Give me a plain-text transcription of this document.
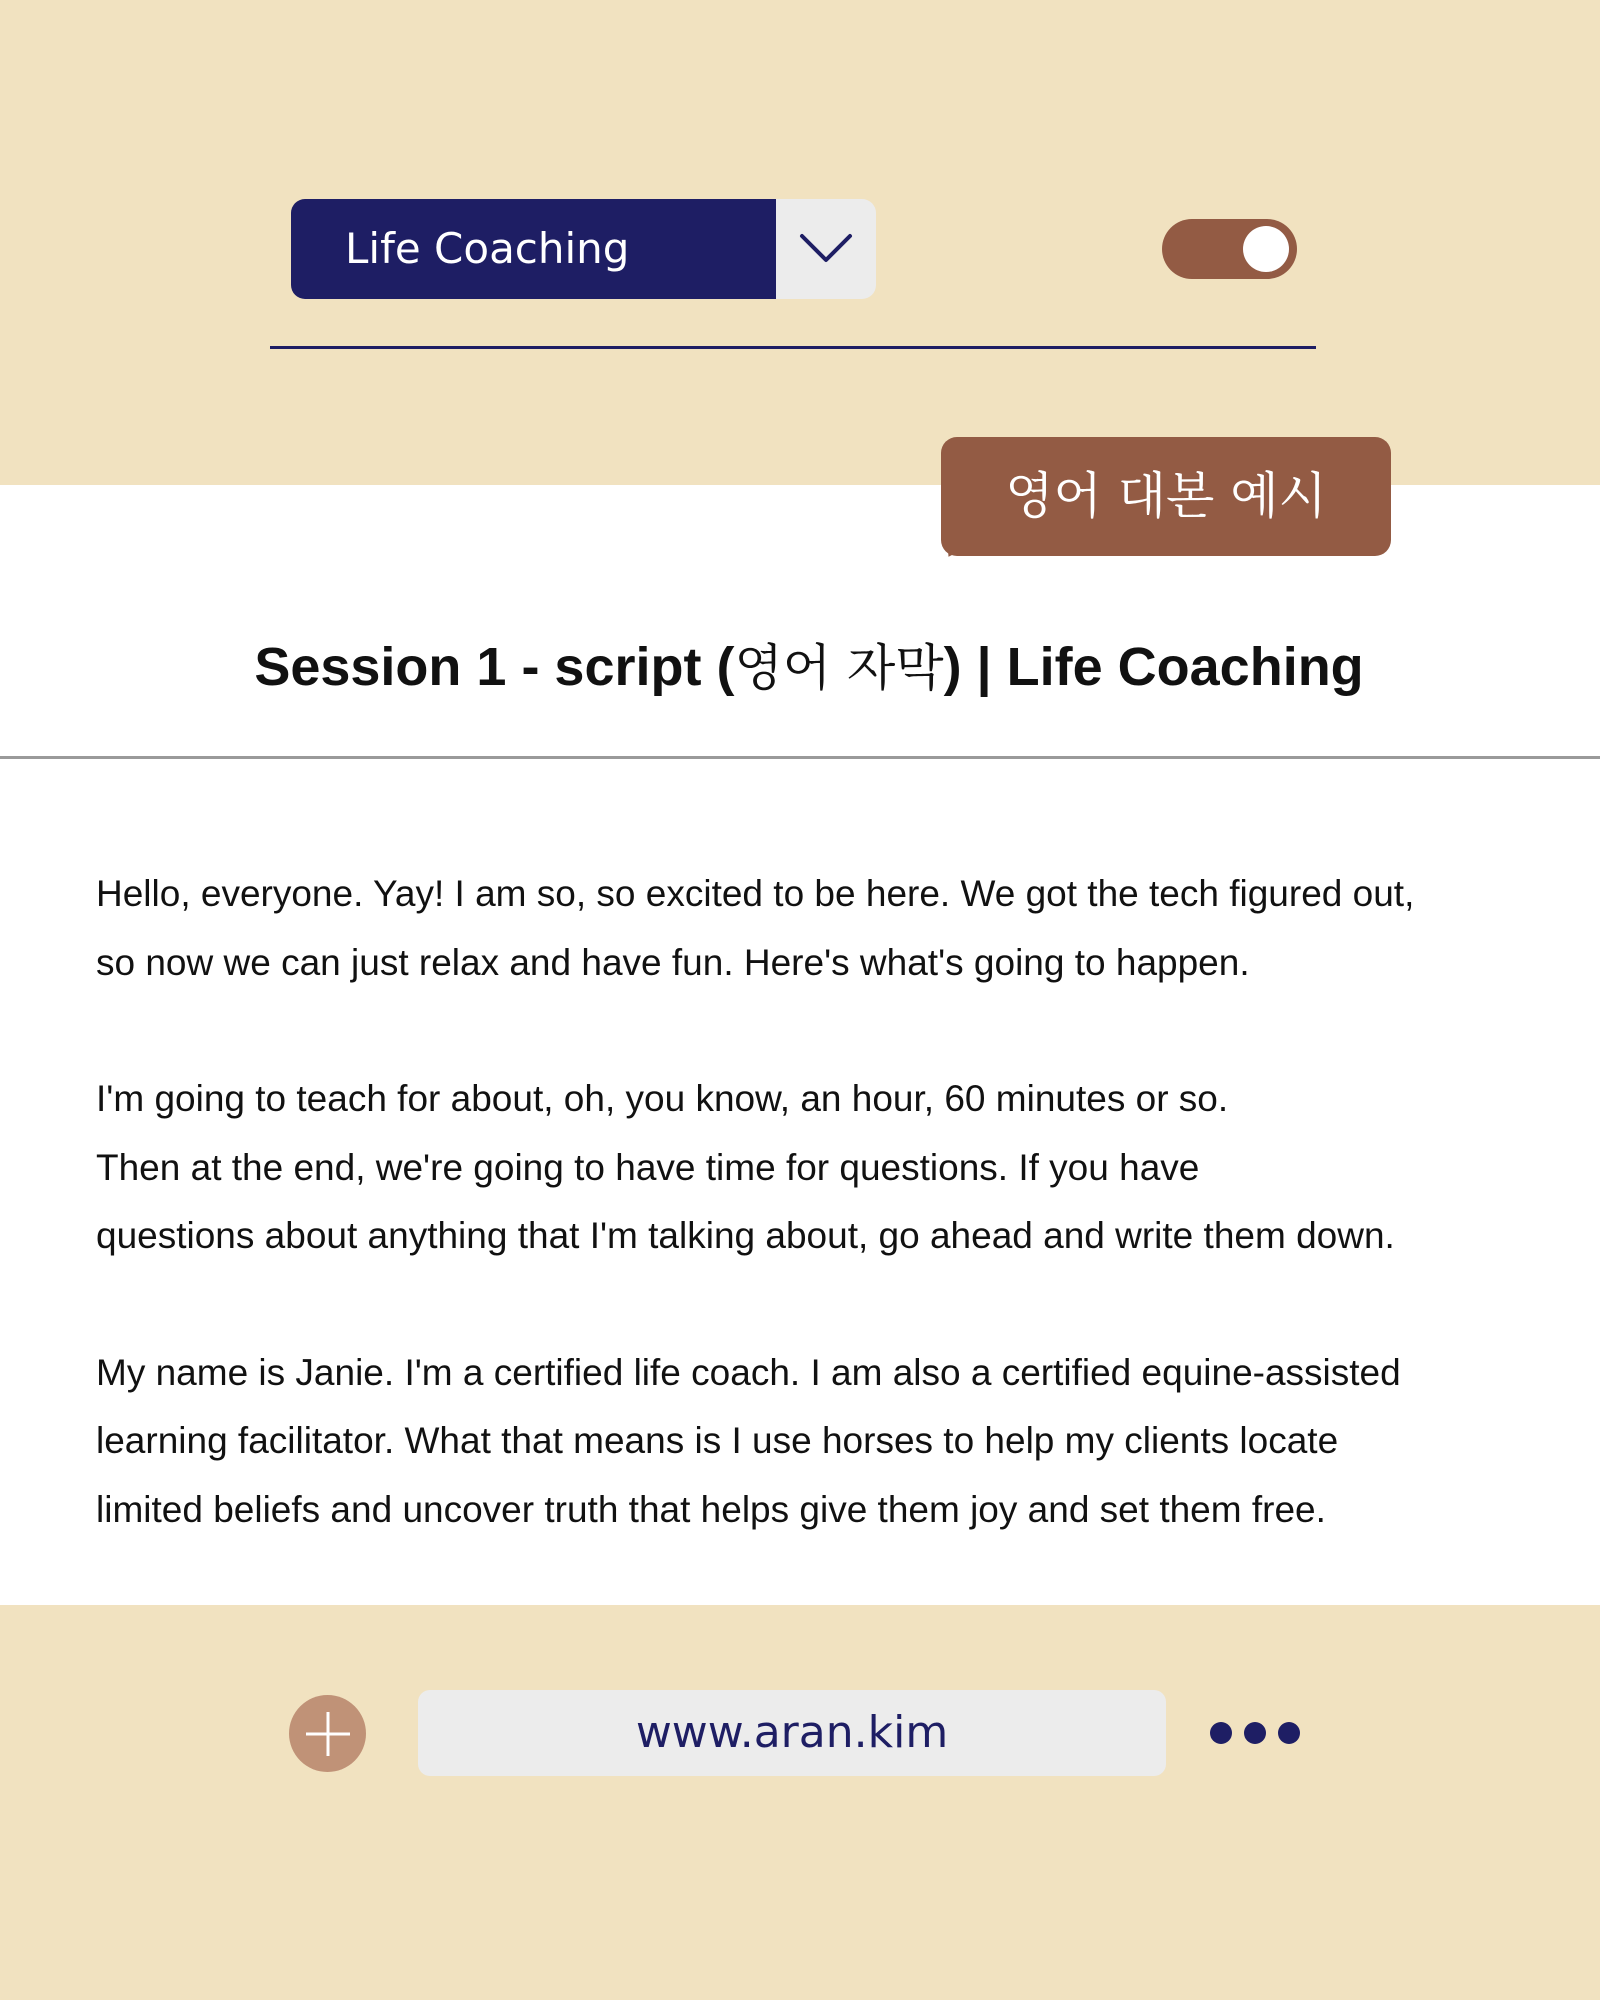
Life Coaching
영어 대본 예시
Session 1 - script (영어 자막) | Life Coaching
Hello, everyone. Yay! I am so, so excited to be here. We got the tech figured out,
so now we can just relax and have fun. Here's what's going to happen.
I'm going to teach for about, oh, you know, an hour, 60 minutes or so.
Then at the end, we're going to have time for questions. If you have
questions about anything that I'm talking about, go ahead and write them down.
My name is Janie. I'm a certified life coach. I am also a certified equine-assisted
learning facilitator. What that means is I use horses to help my clients locate
limited beliefs and uncover truth that helps give them joy and set them free.
www.aran.kim
